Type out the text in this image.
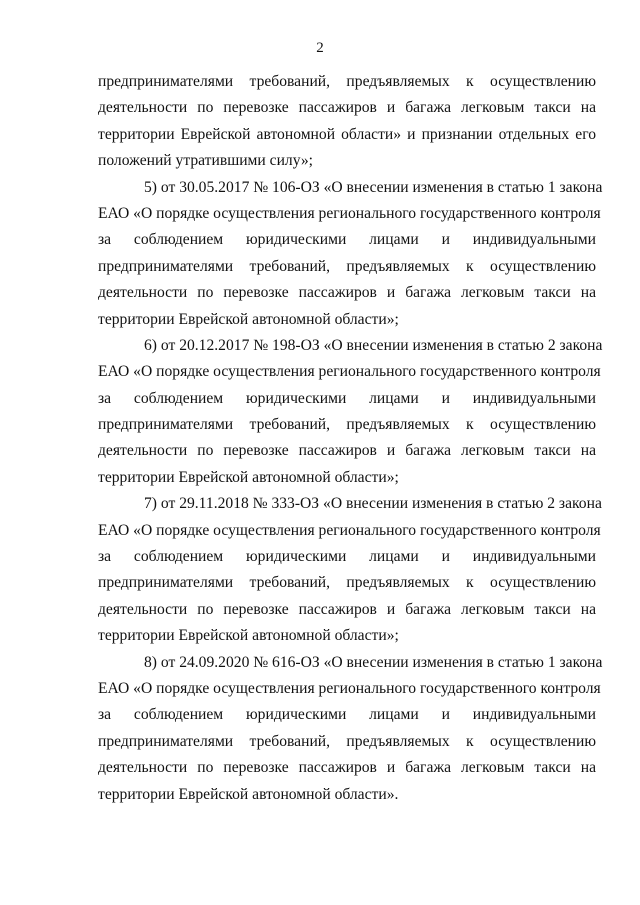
2
предпринимателями требований, предъявляемых к осуществлению
деятельности по перевозке пассажиров и багажа легковым такси на
территории Еврейской автономной области» и признании отдельных его
положений утратившими силу»;
5) от 30.05.2017 № 106-ОЗ «О внесении изменения в статью 1 закона
ЕАО «О порядке осуществления регионального государственного контроля
за соблюдением юридическими лицами и индивидуальными
предпринимателями требований, предъявляемых к осуществлению
деятельности по перевозке пассажиров и багажа легковым такси на
территории Еврейской автономной области»;
6) от 20.12.2017 № 198-ОЗ «О внесении изменения в статью 2 закона
ЕАО «О порядке осуществления регионального государственного контроля
за соблюдением юридическими лицами и индивидуальными
предпринимателями требований, предъявляемых к осуществлению
деятельности по перевозке пассажиров и багажа легковым такси на
территории Еврейской автономной области»;
7) от 29.11.2018 № 333-ОЗ «О внесении изменения в статью 2 закона
ЕАО «О порядке осуществления регионального государственного контроля
за соблюдением юридическими лицами и индивидуальными
предпринимателями требований, предъявляемых к осуществлению
деятельности по перевозке пассажиров и багажа легковым такси на
территории Еврейской автономной области»;
8) от 24.09.2020 № 616-ОЗ «О внесении изменения в статью 1 закона
ЕАО «О порядке осуществления регионального государственного контроля
за соблюдением юридическими лицами и индивидуальными
предпринимателями требований, предъявляемых к осуществлению
деятельности по перевозке пассажиров и багажа легковым такси на
территории Еврейской автономной области».
